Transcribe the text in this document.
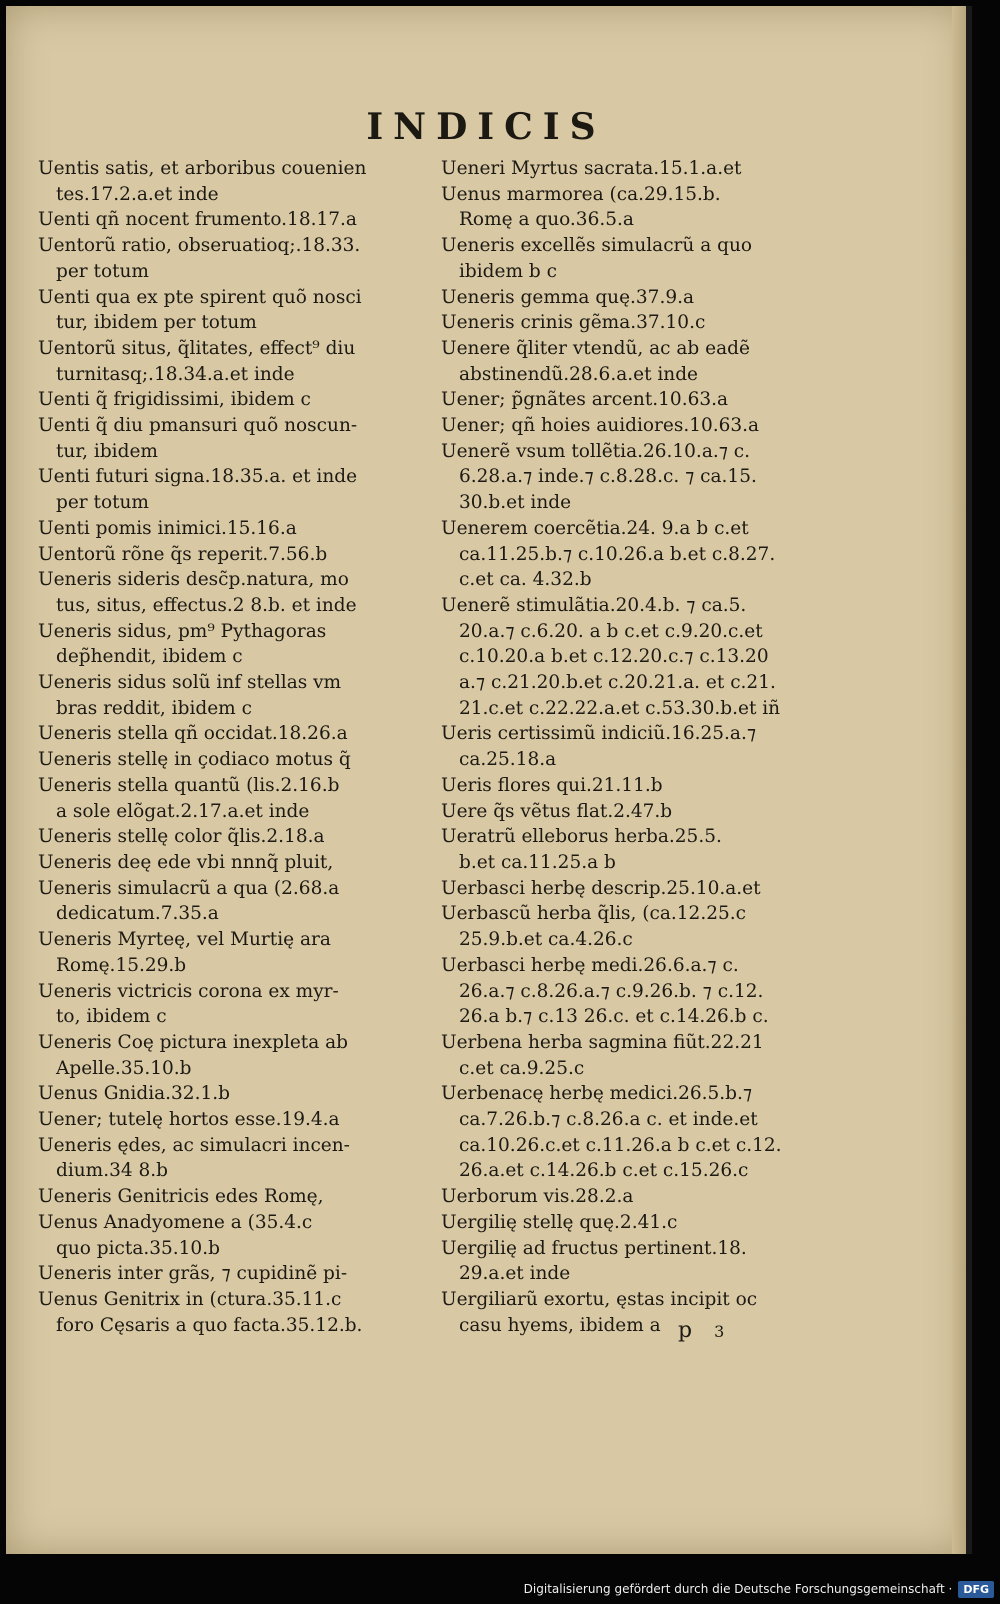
INDICIS
Uentis satis, et arboribus couenien
tes.17.2.a.et inde
Uenti qñ nocent frumento.18.17.a
Uentorũ ratio, obseruatioq;.18.33.
per totum
Uenti qua ex pte spirent quõ nosci
tur, ibidem per totum
Uentorũ situs, q̃litates, effect⁹ diu
turnitasq;.18.34.a.et inde
Uenti q̃ frigidissimi, ibidem c
Uenti q̃ diu pmansuri quõ noscun-
tur, ibidem
Uenti futuri signa.18.35.a. et inde
per totum
Uenti pomis inimici.15.16.a
Uentorũ rõne q̃s reperit.7.56.b
Ueneris sideris desc̃p.natura, mo
tus, situs, effectus.2 8.b. et inde
Ueneris sidus, pm⁹ Pythagoras
dep̃hendit, ibidem c
Ueneris sidus solũ inf stellas vm
bras reddit, ibidem c
Ueneris stella qñ occidat.18.26.a
Ueneris stellę in çodiaco motus q̃
Ueneris stella quantũ (lis.2.16.b
a sole elõgat.2.17.a.et inde
Ueneris stellę color q̃lis.2.18.a
Ueneris deę ede vbi nnnq̃ pluit,
Ueneris simulacrũ a qua (2.68.a
dedicatum.7.35.a
Ueneris Myrteę, vel Murtię ara
Romę.15.29.b
Ueneris victricis corona ex myr-
to, ibidem c
Ueneris Coę pictura inexpleta ab
Apelle.35.10.b
Uenus Gnidia.32.1.b
Uener; tutelę hortos esse.19.4.a
Ueneris ędes, ac simulacri incen-
dium.34 8.b
Ueneris Genitricis edes Romę,
Uenus Anadyomene a (35.4.c
quo picta.35.10.b
Ueneris inter grãs, ⁊ cupidinẽ pi-
Uenus Genitrix in (ctura.35.11.c
foro Cęsaris a quo facta.35.12.b.
Ueneri Myrtus sacrata.15.1.a.et
Uenus marmorea (ca.29.15.b.
Romę a quo.36.5.a
Ueneris excellẽs simulacrũ a quo
ibidem b c
Ueneris gemma quę.37.9.a
Ueneris crinis gẽma.37.10.c
Uenere q̃liter vtendũ, ac ab eadẽ
abstinendũ.28.6.a.et inde
Uener; p̃gnãtes arcent.10.63.a
Uener; qñ hoies auidiores.10.63.a
Uenerẽ vsum tollẽtia.26.10.a.⁊ c.
6.28.a.⁊ inde.⁊ c.8.28.c. ⁊ ca.15.
30.b.et inde
Uenerem coercẽtia.24. 9.a b c.et
ca.11.25.b.⁊ c.10.26.a b.et c.8.27.
c.et ca. 4.32.b
Uenerẽ stimulãtia.20.4.b. ⁊ ca.5.
20.a.⁊ c.6.20. a b c.et c.9.20.c.et
c.10.20.a b.et c.12.20.c.⁊ c.13.20
a.⁊ c.21.20.b.et c.20.21.a. et c.21.
21.c.et c.22.22.a.et c.53.30.b.et iñ
Ueris certissimũ indiciũ.16.25.a.⁊
ca.25.18.a
Ueris flores qui.21.11.b
Uere q̃s vẽtus flat.2.47.b
Ueratrũ elleborus herba.25.5.
b.et ca.11.25.a b
Uerbasci herbę descrip.25.10.a.et
Uerbascũ herba q̃lis, (ca.12.25.c
25.9.b.et ca.4.26.c
Uerbasci herbę medi.26.6.a.⁊ c.
26.a.⁊ c.8.26.a.⁊ c.9.26.b. ⁊ c.12.
26.a b.⁊ c.13 26.c. et c.14.26.b c.
Uerbena herba sagmina fiũt.22.21
c.et ca.9.25.c
Uerbenacę herbę medici.26.5.b.⁊
ca.7.26.b.⁊ c.8.26.a c. et inde.et
ca.10.26.c.et c.11.26.a b c.et c.12.
26.a.et c.14.26.b c.et c.15.26.c
Uerborum vis.28.2.a
Uergilię stellę quę.2.41.c
Uergilię ad fructus pertinent.18.
29.a.et inde
Uergiliarũ exortu, ęstas incipit oc
casu hyems, ibidem a p 3
Digitalisierung gefördert durch die Deutsche Forschungsgemeinschaft ·	DFG
